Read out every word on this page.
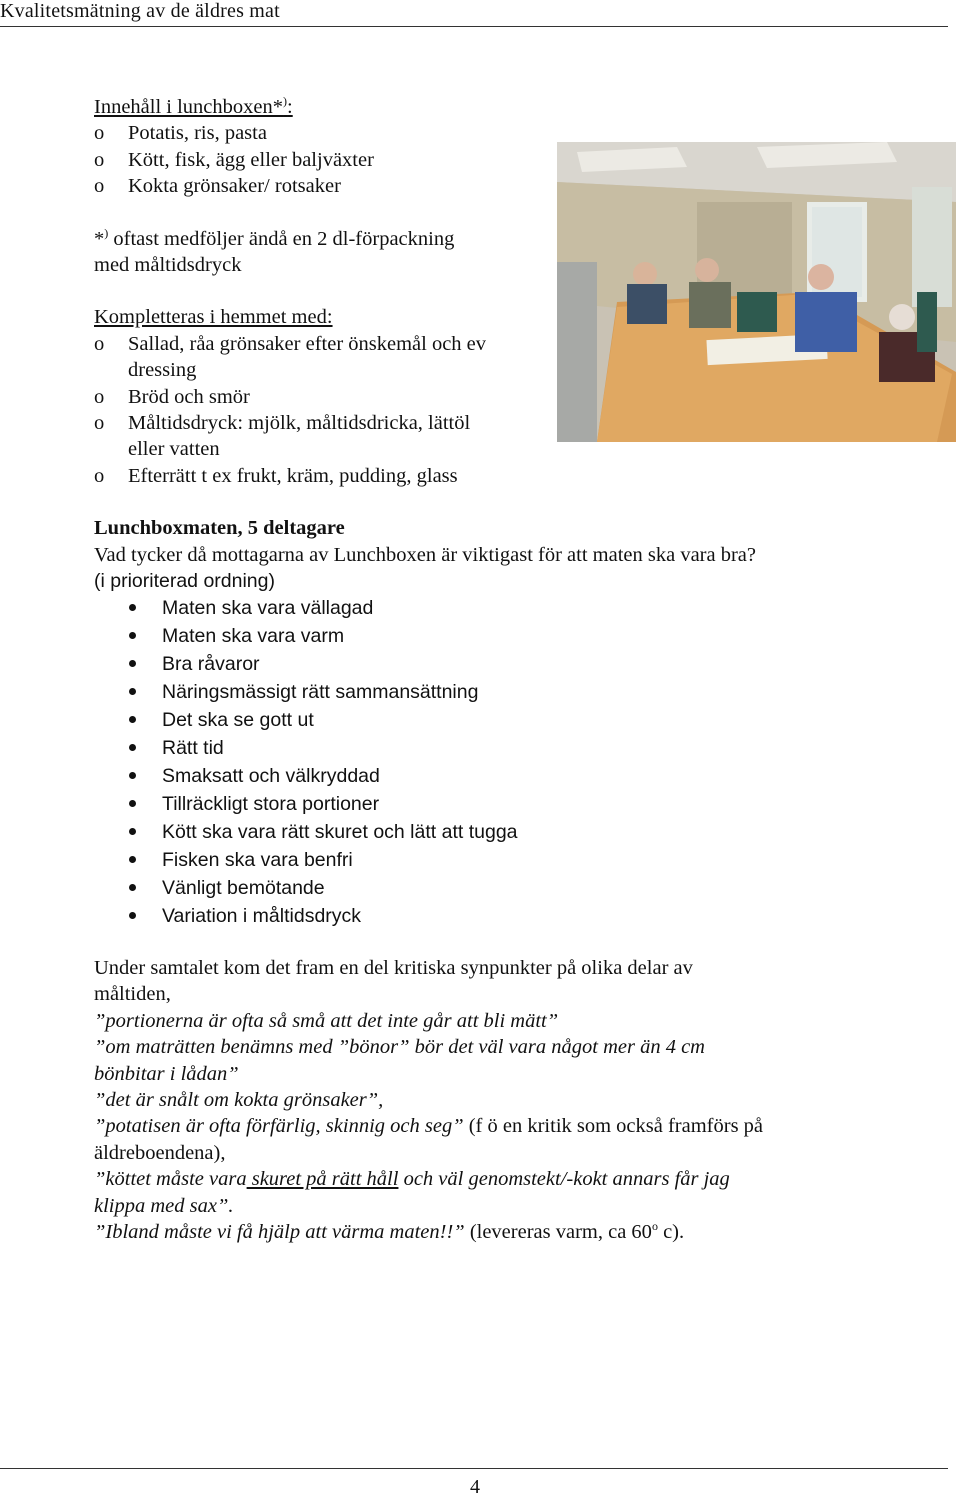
Kvalitetsmätning av de äldres mat
Innehåll i lunchboxen*):
o Potatis, ris, pasta
o Kött, fisk, ägg eller baljväxter
o Kokta grönsaker/ rotsaker
*) oftast medföljer ändå en 2 dl-förpackning
med måltidsdryck
Kompletteras i hemmet med:
o Sallad, råa grönsaker efter önskemål och ev
dressing
o Bröd och smör
o Måltidsdryck: mjölk, måltidsdricka, lättöl
eller vatten
o Efterrätt t ex frukt, kräm, pudding, glass
Lunchboxmaten, 5 deltagare
Vad tycker då mottagarna av Lunchboxen är viktigast för att maten ska vara bra?
(i prioriterad ordning)
Maten ska vara vällagad
Maten ska vara varm
Bra råvaror
Näringsmässigt rätt sammansättning
Det ska se gott ut
Rätt tid
Smaksatt och välkryddad
Tillräckligt stora portioner
Kött ska vara rätt skuret och lätt att tugga
Fisken ska vara benfri
Vänligt bemötande
Variation i måltidsdryck
Under samtalet kom det fram en del kritiska synpunkter på olika delar av
måltiden,
”portionerna är ofta så små att det inte går att bli mätt”
”om maträtten benämns med ”bönor” bör det väl vara något mer än 4 cm
bönbitar i lådan”
”det är snålt om kokta grönsaker”,
”potatisen är ofta förfärlig, skinnig och seg” (f ö en kritik som också framförs på
äldreboendena),
”köttet måste vara skuret på rätt håll och väl genomstekt/-kokt annars får jag
klippa med sax”.
”Ibland måste vi få hjälp att värma maten!!” (levereras varm, ca 60$^o$ c).
4
